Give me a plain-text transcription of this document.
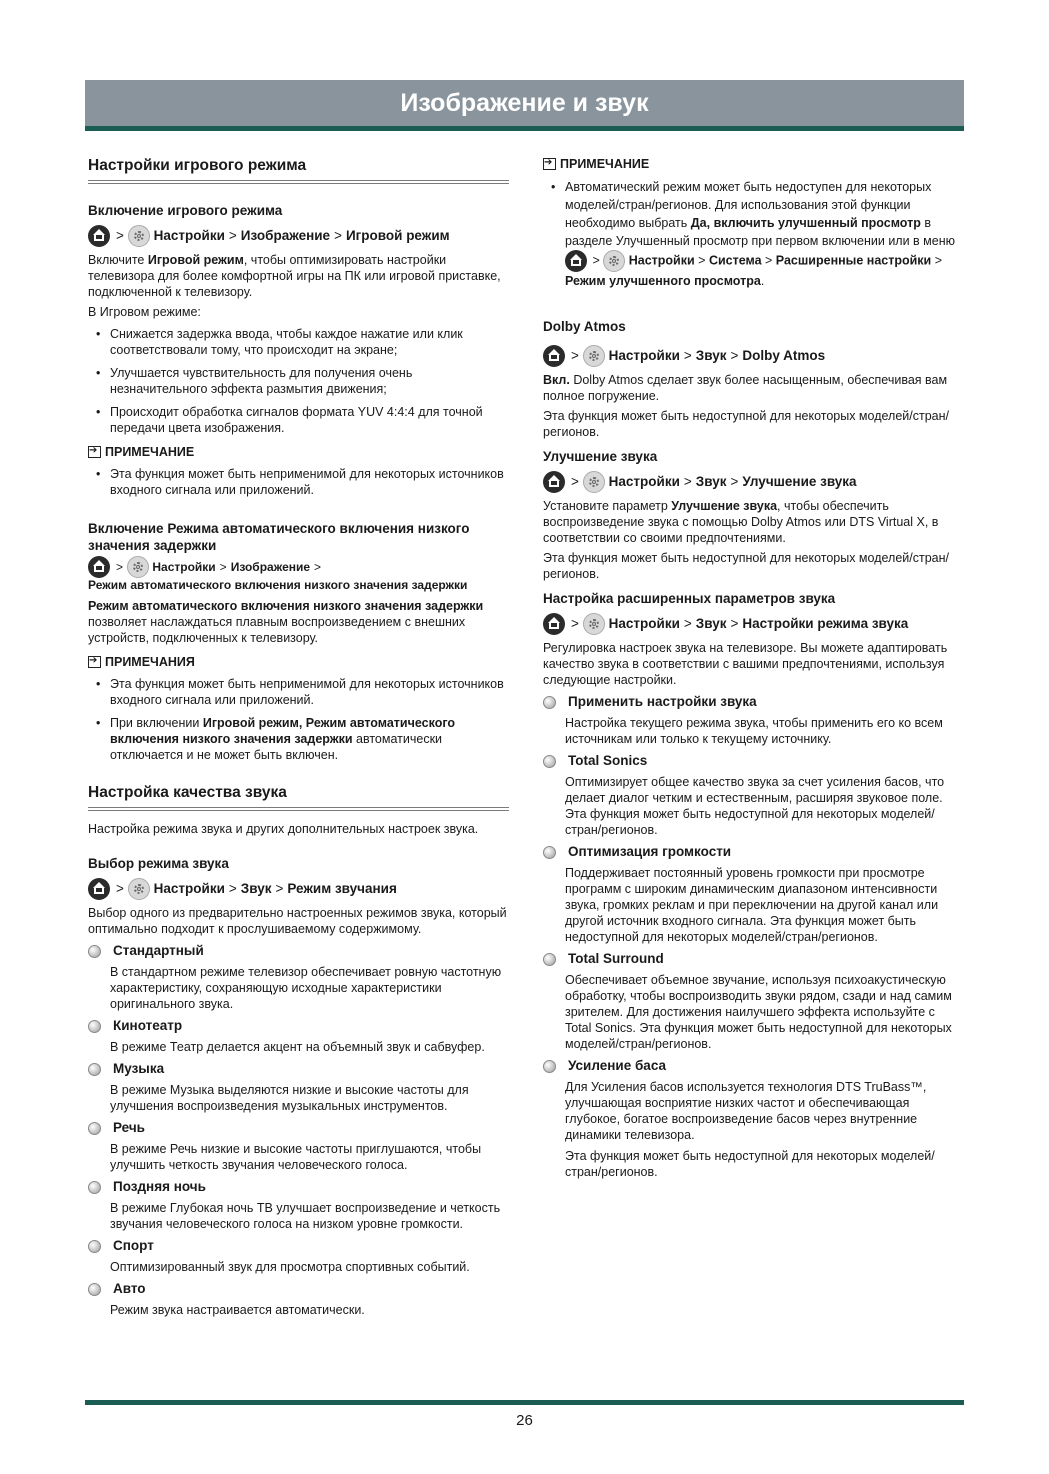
Изображение и звук
Настройки игрового режима
Включение игрового режима
>
Настройки > Изображение > Игровой режим

Включите Игровой режим, чтобы оптимизировать настройки телевизора для более комфортной игры на ПК или игровой приставке, подключенной к телевизору.

В Игровом режиме:

• Снижается задержка ввода, чтобы каждое нажатие или клик соответствовали тому, что происходит на экране;
• Улучшается чувствительность для получения очень незначительного эффекта размытия движения;
• Происходит обработка сигналов формата YUV 4:4:4 для точной передачи цвета изображения.
➔
ПРИМЕЧАНИЕ
• Эта функция может быть неприменимой для некоторых источников входного сигнала или приложений.
Включение Режима автоматического включения низкого значения задержки
>
Настройки > Изображение >
Режим автоматического включения низкого значения задержки

Режим автоматического включения низкого значения задержки позволяет наслаждаться плавным воспроизведением с внешних устройств, подключенных к телевизору.

➔
ПРИМЕЧАНИЯ
• Эта функция может быть неприменимой для некоторых источников входного сигнала или приложений.
• При включении Игровой режим, Режим автоматического включения низкого значения задержки автоматически отключается и не может быть включен.
Настройка качества звука

Настройка режима звука и других дополнительных настроек звука.

Выбор режима звука
>
Настройки > Звук > Режим звучания

Выбор одного из предварительно настроенных режимов звука, который оптимально подходит к прослушиваемому содержимому.

Стандартный
В стандартном режиме телевизор обеспечивает ровную частотную характеристику, сохраняющую исходные характеристики оригинального звука.
Кинотеатр
В режиме Театр делается акцент на объемный звук и сабвуфер.
Музыка
В режиме Музыка выделяются низкие и высокие частоты для улучшения воспроизведения музыкальных инструментов.
Речь
В режиме Речь низкие и высокие частоты приглушаются, чтобы улучшить четкость звучания человеческого голоса.
Поздняя ночь
В режиме Глубокая ночь ТВ улучшает воспроизведение и четкость звучания человеческого голоса на низком уровне громкости.
Спорт
Оптимизированный звук для просмотра спортивных событий.
Авто
Режим звука настраивается автоматически.
➔
ПРИМЕЧАНИЕ
• Автоматический режим может быть недоступен для некоторых моделей/стран/регионов. Для использования этой функции необходимо выбрать Да, включить улучшенный просмотр в разделе Улучшенный просмотр при первом включении или в меню  >  Настройки > Система > Расширенные настройки > Режим улучшенного просмотра.
Dolby Atmos
>
Настройки > Звук > Dolby Atmos

Вкл. Dolby Atmos сделает звук более насыщенным, обеспечивая вам полное погружение.

Эта функция может быть недоступной для некоторых моделей/стран/регионов.

Улучшение звука
>
Настройки > Звук > Улучшение звука

Установите параметр Улучшение звука, чтобы обеспечить воспроизведение звука с помощью Dolby Atmos или DTS Virtual X, в соответствии со своими предпочтениями.

Эта функция может быть недоступной для некоторых моделей/стран/регионов.

Настройка расширенных параметров звука
>
Настройки > Звук > Настройки режима звука

Регулировка настроек звука на телевизоре. Вы можете адаптировать качество звука в соответствии с вашими предпочтениями, используя следующие настройки.

Применить настройки звука
Настройка текущего режима звука, чтобы применить его ко всем источникам или только к текущему источнику.
Total Sonics
Оптимизирует общее качество звука за счет усиления басов, что делает диалог четким и естественным, расширяя звуковое поле. Эта функция может быть недоступной для некоторых моделей/стран/регионов.
Оптимизация громкости
Поддерживает постоянный уровень громкости при просмотре программ с широким динамическим диапазоном интенсивности звука, громких реклам и при переключении на другой канал или другой источник входного сигнала. Эта функция может быть недоступной для некоторых моделей/стран/регионов.
Total Surround
Обеспечивает объемное звучание, используя психоакустическую обработку, чтобы воспроизводить звуки рядом, сзади и над самим зрителем. Для достижения наилучшего эффекта используйте с Total Sonics. Эта функция может быть недоступной для некоторых моделей/стран/регионов.
Усиление баса
Для Усиления басов используется технология DTS TruBass™, улучшающая восприятие низких частот и обеспечивающая глубокое, богатое воспроизведение басов через внутренние динамики телевизора.
Эта функция может быть недоступной для некоторых моделей/стран/регионов.
26
